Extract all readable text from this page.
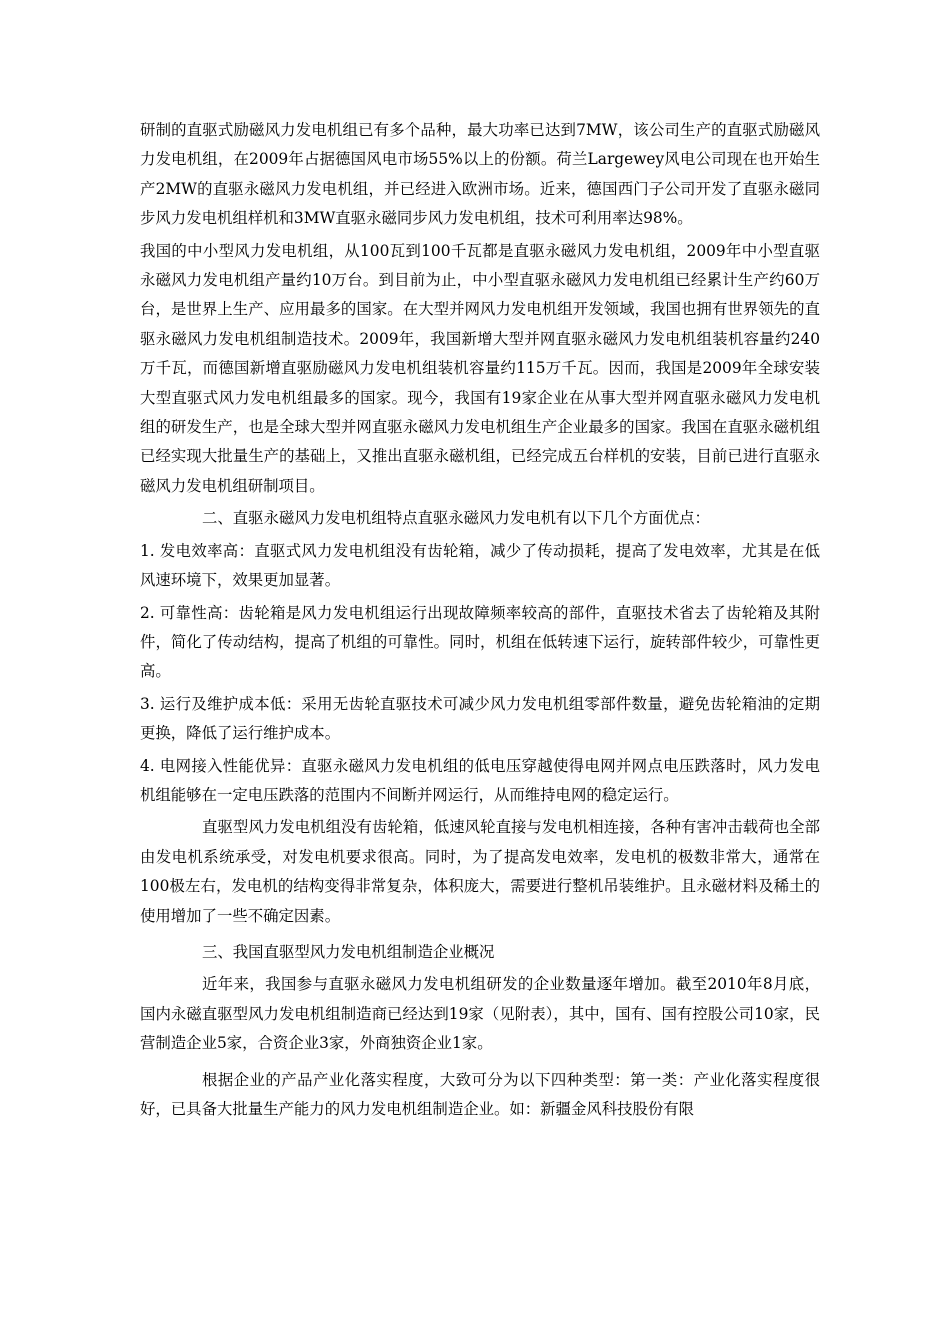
研制的直驱式励磁风力发电机组已有多个品种，最大功率已达到7MW，该公司生产的直驱式励磁风力发电机组，在2009年占据德国风电市场55%以上的份额。荷兰Largewey风电公司现在也开始生产2MW的直驱永磁风力发电机组，并已经进入欧洲市场。近来，德国西门子公司开发了直驱永磁同步风力发电机组样机和3MW直驱永磁同步风力发电机组，技术可利用率达98%。

我国的中小型风力发电机组，从100瓦到100千瓦都是直驱永磁风力发电机组，2009年中小型直驱永磁风力发电机组产量约10万台。到目前为止，中小型直驱永磁风力发电机组已经累计生产约60万台，是世界上生产、应用最多的国家。在大型并网风力发电机组开发领域，我国也拥有世界领先的直驱永磁风力发电机组制造技术。2009年，我国新增大型并网直驱永磁风力发电机组装机容量约240万千瓦，而德国新增直驱励磁风力发电机组装机容量约115万千瓦。因而，我国是2009年全球安装大型直驱式风力发电机组最多的国家。现今，我国有19家企业在从事大型并网直驱永磁风力发电机组的研发生产，也是全球大型并网直驱永磁风力发电机组生产企业最多的国家。我国在直驱永磁机组已经实现大批量生产的基础上，又推出直驱永磁机组，已经完成五台样机的安装，目前已进行直驱永磁风力发电机组研制项目。

二、直驱永磁风力发电机组特点直驱永磁风力发电机有以下几个方面优点：

1. 发电效率高：直驱式风力发电机组没有齿轮箱，减少了传动损耗，提高了发电效率，尤其是在低风速环境下，效果更加显著。

2. 可靠性高：齿轮箱是风力发电机组运行出现故障频率较高的部件，直驱技术省去了齿轮箱及其附件，简化了传动结构，提高了机组的可靠性。同时，机组在低转速下运行，旋转部件较少，可靠性更高。

3. 运行及维护成本低：采用无齿轮直驱技术可减少风力发电机组零部件数量，避免齿轮箱油的定期更换，降低了运行维护成本。

4. 电网接入性能优异：直驱永磁风力发电机组的低电压穿越使得电网并网点电压跌落时，风力发电机组能够在一定电压跌落的范围内不间断并网运行，从而维持电网的稳定运行。

直驱型风力发电机组没有齿轮箱，低速风轮直接与发电机相连接，各种有害冲击载荷也全部由发电机系统承受，对发电机要求很高。同时，为了提高发电效率，发电机的极数非常大，通常在100极左右，发电机的结构变得非常复杂，体积庞大，需要进行整机吊装维护。且永磁材料及稀土的使用增加了一些不确定因素。

三、我国直驱型风力发电机组制造企业概况

近年来，我国参与直驱永磁风力发电机组研发的企业数量逐年增加。截至2010年8月底，国内永磁直驱型风力发电机组制造商已经达到19家（见附表），其中，国有、国有控股公司10家，民营制造企业5家，合资企业3家，外商独资企业1家。

根据企业的产品产业化落实程度，大致可分为以下四种类型：第一类：产业化落实程度很好，已具备大批量生产能力的风力发电机组制造企业。如：新疆金风科技股份有限
